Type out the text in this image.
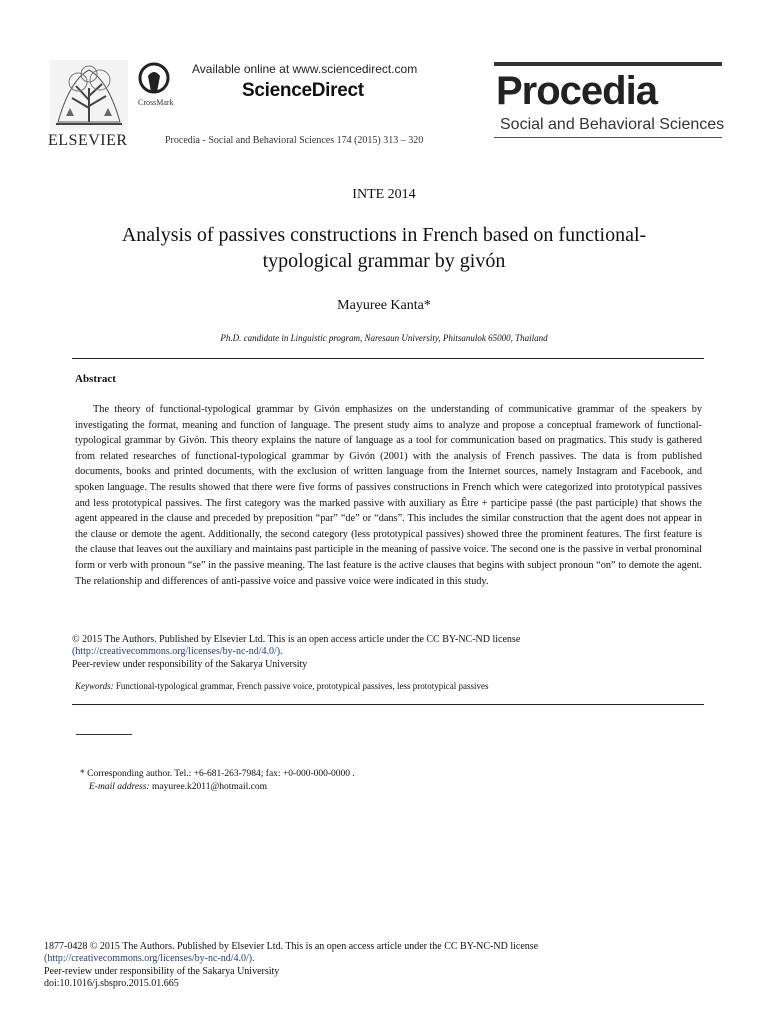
ELSEVIER
CrossMark
Available online at www.sciencedirect.com
ScienceDirect
Procedia - Social and Behavioral Sciences 174 (2015) 313 – 320
Procedia
Social and Behavioral Sciences
INTE 2014
Analysis of passives constructions in French based on functional-
typological grammar by givón
Mayuree Kanta*
Ph.D. candidate in Linguistic program, Naresaun University, Phitsanulok 65000, Thailand
Abstract

The theory of functional-typological grammar by Givón emphasizes on the understanding of communicative grammar of the speakers by investigating the format, meaning and function of language. The present study aims to analyze and propose a conceptual framework of functional-typological grammar by Givón. This theory explains the nature of language as a tool for communication based on pragmatics. This study is gathered from related researches of functional-typological grammar by Givón (2001) with the analysis of French passives. The data is from published documents, books and printed documents, with the exclusion of written language from the Internet sources, namely Instagram and Facebook, and spoken language. The results showed that there were five forms of passives constructions in French which were categorized into prototypical passives and less prototypical passives. The first category was the marked passive with auxiliary as Être + participe passé (the past participle) that shows the agent appeared in the clause and preceded by preposition “par” “de” or “dans”. This includes the similar construction that the agent does not appear in the clause or demote the agent. Additionally, the second category (less prototypical passives) showed three the prominent features. The first feature is the clause that leaves out the auxiliary and maintains past participle in the meaning of passive voice. The second one is the passive in verbal pronominal form or verb with pronoun “se” in the passive meaning. The last feature is the active clauses that begins with subject pronoun “on” to demote the agent. The relationship and differences of anti-passive voice and passive voice were indicated in this study.

© 2015 The Authors. Published by Elsevier Ltd. This is an open access article under the CC BY-NC-ND license
(http://creativecommons.org/licenses/by-nc-nd/4.0/).
Peer-review under responsibility of the Sakarya University
Keywords: Functional-typological grammar, French passive voice, prototypical passives, less prototypical passives
* Corresponding author. Tel.: +6-681-263-7984; fax: +0-000-000-0000 .
E-mail address: mayuree.k2011@hotmail.com
1877-0428 © 2015 The Authors. Published by Elsevier Ltd. This is an open access article under the CC BY-NC-ND license
(http://creativecommons.org/licenses/by-nc-nd/4.0/).
Peer-review under responsibility of the Sakarya University
doi:10.1016/j.sbspro.2015.01.665
